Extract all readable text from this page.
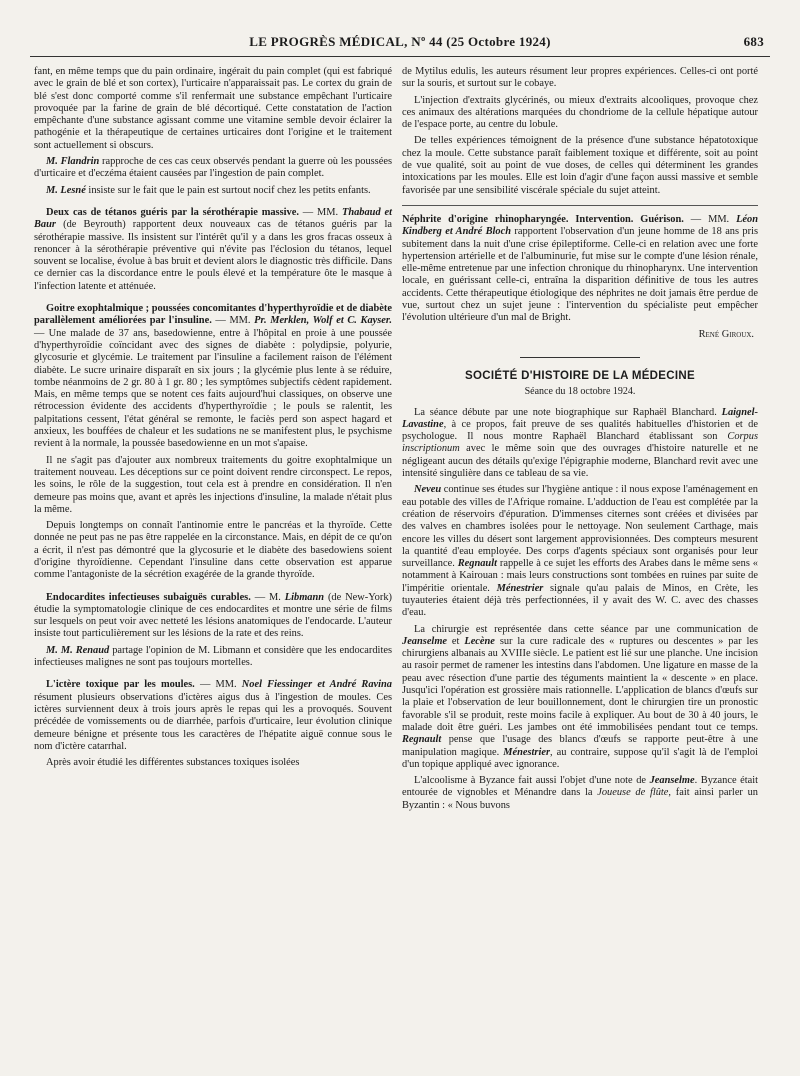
LE PROGRÈS MÉDICAL, Nº 44 (25 Octobre 1924)	683

fant, en même temps que du pain ordinaire, ingérait du pain complet (qui est fabriqué avec le grain de blé et son cortex), l'urticaire n'apparaissait pas. Le cortex du grain de blé s'est donc comporté comme s'il renfermait une substance empêchant l'urticaire provoquée par la farine de grain de blé décortiqué. Cette constatation de l'action empêchante d'une substance agissant comme une vitamine semble devoir éclairer la pathogénie et la thérapeutique de certaines urticaires dont l'origine et le traitement sont actuellement si obscurs.

M. Flandrin rapproche de ces cas ceux observés pendant la guerre où les poussées d'urticaire et d'eczéma étaient causées par l'ingestion de pain complet.

M. Lesné insiste sur le fait que le pain est surtout nocif chez les petits enfants.

Deux cas de tétanos guéris par la sérothérapie massive. — MM. Thabaud et Baur (de Beyrouth) rapportent deux nouveaux cas de tétanos guéris par la sérothérapie massive. Ils insistent sur l'intérêt qu'il y a dans les gros fracas osseux à renoncer à la sérothérapie préventive qui n'évite pas l'éclosion du tétanos, lequel souvent se localise, évolue à bas bruit et devient alors le diagnostic très difficile. Dans ce dernier cas la discordance entre le pouls élevé et la température ôte le masque à l'infection latente et atténuée.

Goitre exophtalmique ; poussées concomitantes d'hyperthyroïdie et de diabète parallèlement améliorées par l'insuline. — MM. Pr. Merklen, Wolf et C. Kayser. — Une malade de 37 ans, basedowienne, entre à l'hôpital en proie à une poussée d'hyperthyroïdie coïncidant avec des signes de diabète : polydipsie, polyurie, glycosurie et glycémie. Le traitement par l'insuline a facilement raison de l'élément diabète. Le sucre urinaire disparaît en six jours ; la glycémie plus lente à se réduire, tombe néanmoins de 2 gr. 80 à 1 gr. 80 ; les symptômes subjectifs cèdent rapidement. Mais, en même temps que se notent ces faits aujourd'hui classiques, on observe une rétrocession évidente des accidents d'hyperthyroïdie ; le pouls se ralentit, les palpitations cessent, l'état général se remonte, le faciès perd son aspect hagard et anxieux, les bouffées de chaleur et les sudations ne se manifestent plus, le psychisme revient à la normale, la poussée basedowienne en un mot s'apaise.

Il ne s'agit pas d'ajouter aux nombreux traitements du goitre exophtalmique un traitement nouveau. Les déceptions sur ce point doivent rendre circonspect. Le repos, les soins, le rôle de la suggestion, tout cela est à prendre en considération. Il n'en demeure pas moins que, avant et après les injections d'insuline, la malade n'était plus la même.

Depuis longtemps on connaît l'antinomie entre le pancréas et la thyroïde. Cette donnée ne peut pas ne pas être rappelée en la circonstance. Mais, en dépit de ce qu'on a écrit, il n'est pas démontré que la glycosurie et le diabète des basedowiens soient d'origine thyroïdienne. Cependant l'insuline dans cette observation est apparue comme l'antagoniste de la sécrétion exagérée de la grande thyroïde.

Endocardites infectieuses subaiguës curables. — M. Libmann (de New-York) étudie la symptomatologie clinique de ces endocardites et montre une série de films sur lesquels on peut voir avec netteté les lésions anatomiques de l'endocarde. L'auteur insiste tout particulièrement sur les lésions de la rate et des reins.

M. M. Renaud partage l'opinion de M. Libmann et considère que les endocardites infectieuses malignes ne sont pas toujours mortelles.

L'ictère toxique par les moules. — MM. Noel Fiessinger et André Ravina résument plusieurs observations d'ictères aigus dus à l'ingestion de moules. Ces ictères surviennent deux à trois jours après le repas qui les a provoqués. Souvent précédée de vomissements ou de diarrhée, parfois d'urticaire, leur évolution clinique demeure bénigne et présente tous les caractères de l'hépatite aiguë connue sous le nom d'ictère catarrhal.

Après avoir étudié les différentes substances toxiques isolées

de Mytilus edulis, les auteurs résument leur propres expériences. Celles-ci ont porté sur la souris, et surtout sur le cobaye.

L'injection d'extraits glycérinés, ou mieux d'extraits alcooliques, provoque chez ces animaux des altérations marquées du chondriome de la cellule hépatique autour de l'espace porte, au centre du lobule.

De telles expériences témoignent de la présence d'une substance hépatotoxique chez la moule. Cette substance paraît faiblement toxique et différente, soit au point de vue qualité, soit au point de vue doses, de celles qui déterminent les grandes intoxications par les moules. Elle est loin d'agir d'une façon aussi massive et semble favorisée par une sensibilité viscérale spéciale du sujet atteint.

Néphrite d'origine rhinopharyngée. Intervention. Guérison. — MM. Léon Kindberg et André Bloch rapportent l'observation d'un jeune homme de 18 ans pris subitement dans la nuit d'une crise épileptiforme. Celle-ci en relation avec une forte hypertension artérielle et de l'albuminurie, fut mise sur le compte d'une lésion rénale, elle-même entretenue par une infection chronique du rhinopharynx. Une intervention locale, en guérissant celle-ci, entraîna la disparition définitive de tous les autres accidents. Cette thérapeutique étiologique des néphrites ne doit jamais être perdue de vue, surtout chez un sujet jeune : l'intervention du spécialiste peut empêcher l'évolution ultérieure d'un mal de Bright.

René Giroux.
SOCIÉTÉ D'HISTOIRE DE LA MÉDECINE
Séance du 18 octobre 1924.

La séance débute par une note biographique sur Raphaël Blanchard. Laignel-Lavastine, à ce propos, fait preuve de ses qualités habituelles d'historien et de psychologue. Il nous montre Raphaël Blanchard établissant son Corpus inscriptionum avec le même soin que des ouvrages d'histoire naturelle et ne négligeant aucun des détails qu'exige l'épigraphie moderne, Blanchard revit avec une intensité singulière dans ce tableau de sa vie.

Neveu continue ses études sur l'hygiène antique : il nous expose l'aménagement en eau potable des villes de l'Afrique romaine. L'adduction de l'eau est complétée par la création de réservoirs d'épuration. D'immenses citernes sont créées et divisées par des valves en chambres isolées pour le nettoyage. Non seulement Carthage, mais encore les villes du désert sont largement approvisionnées. Des compteurs mesurent la quantité d'eau employée. Des corps d'agents spéciaux sont organisés pour leur surveillance. Regnault rappelle à ce sujet les efforts des Arabes dans le même sens « notamment à Kairouan : mais leurs constructions sont tombées en ruines par suite de l'impéritie orientale. Ménestrier signale qu'au palais de Minos, en Crète, les tuyauteries étaient déjà très perfectionnées, il y avait des W. C. avec des chasses d'eau.

La chirurgie est représentée dans cette séance par une communication de Jeanselme et Lecène sur la cure radicale des « ruptures ou descentes » par les chirurgiens albanais au XVIIIe siècle. Le patient est lié sur une planche. Une incision au rasoir permet de ramener les intestins dans l'abdomen. Une ligature en masse de la peau avec résection d'une partie des téguments maintient la « descente » en place. Jusqu'ici l'opération est grossière mais rationnelle. L'application de blancs d'œufs sur la plaie et l'observation de leur bouillonnement, dont le chirurgien tire un pronostic favorable s'il se produit, reste moins facile à expliquer. Au bout de 30 à 40 jours, le malade doit être guéri. Les jambes ont été immobilisées pendant tout ce temps. Regnault pense que l'usage des blancs d'œufs se rapporte peut-être à une manipulation magique. Ménestrier, au contraire, suppose qu'il s'agit là de l'emploi d'un topique appliqué avec ignorance.

L'alcoolisme à Byzance fait aussi l'objet d'une note de Jeanselme. Byzance était entourée de vignobles et Ménandre dans la Joueuse de flûte, fait ainsi parler un Byzantin : « Nous buvons
